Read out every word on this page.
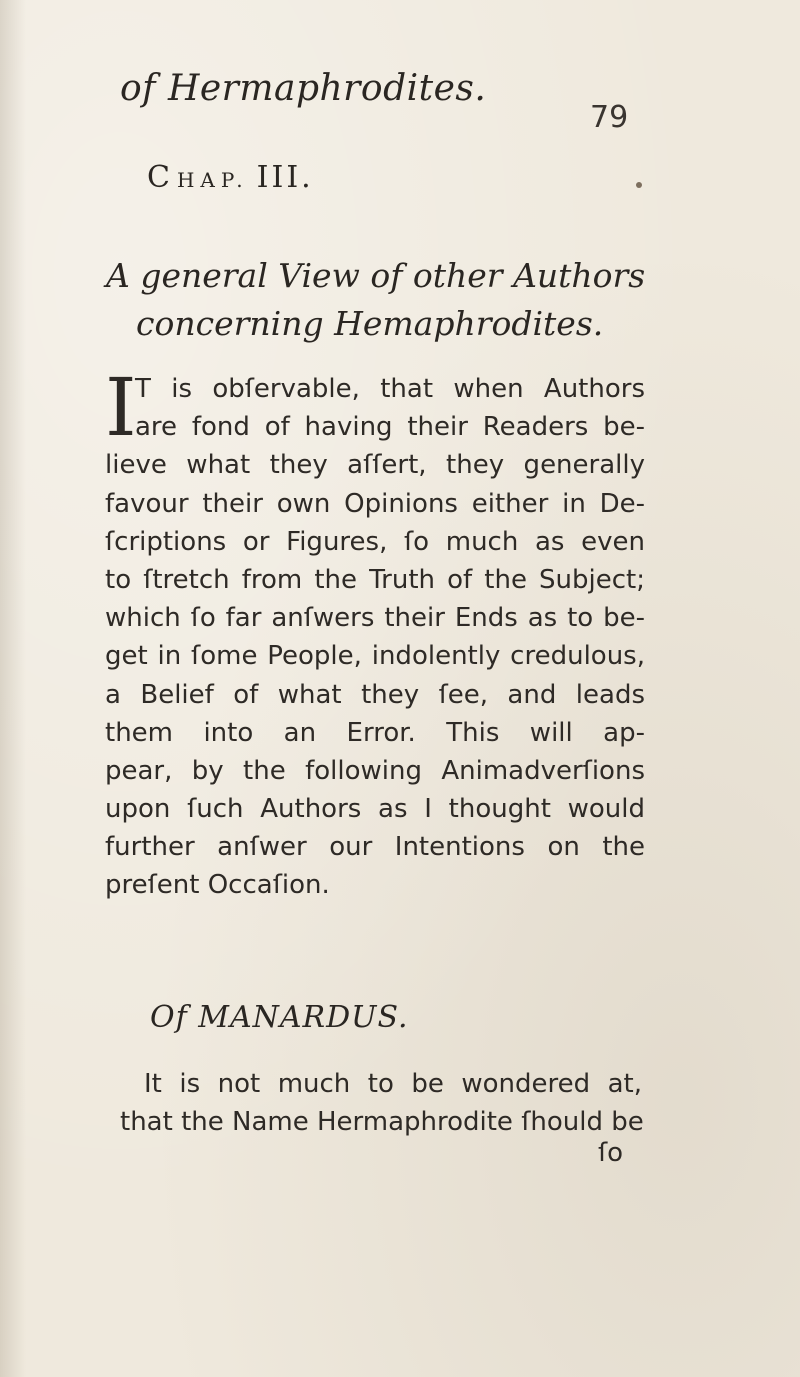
of Hermaphrodites.
79
CHAP. III.
A general View of other Authors
concerning Hemaphrodites.
I
T is obſervable, that when Authors
are fond of having their Readers be-
lieve what they aſſert, they generally
favour their own Opinions either in De-
ſcriptions or Figures, ſo much as even
to ſtretch from the Truth of the Subject;
which ſo far anſwers their Ends as to be-
get in ſome People, indolently credulous,
a Belief of what they ſee, and leads
them into an Error. This will ap-
pear, by the following Animadverſions
upon ſuch Authors as I thought would
further anſwer our Intentions on the
preſent Occaſion.
Of MANARDUS.
It is not much to be wondered at,
that the Name Hermaphrodite ſhould be
ſo
